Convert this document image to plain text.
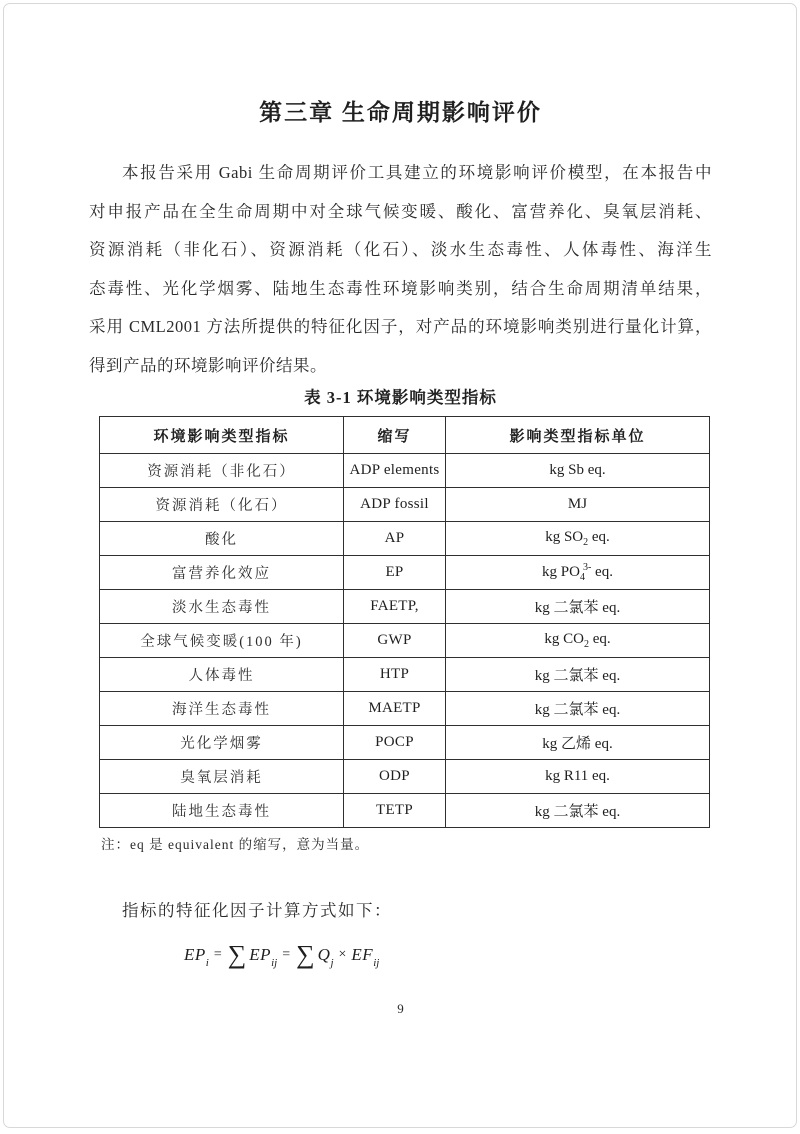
第三章 生命周期影响评价
本报告采用 Gabi 生命周期评价工具建立的环境影响评价模型，在本报告中
对申报产品在全生命周期中对全球气候变暖、酸化、富营养化、臭氧层消耗、
资源消耗（非化石）、资源消耗（化石）、淡水生态毒性、人体毒性、海洋生
态毒性、光化学烟雾、陆地生态毒性环境影响类别，结合生命周期清单结果，
采用 CML2001 方法所提供的特征化因子，对产品的环境影响类别进行量化计算，
得到产品的环境影响评价结果。
表 3-1 环境影响类型指标
环境影响类型指标	缩写	影响类型指标单位
资源消耗（非化石）	ADP elements	kg Sb eq.
资源消耗（化石）	ADP fossil	MJ
酸化	AP	kg $SO_2$ eq.
富营养化效应	EP	kg $PO_4^{3-}$ eq.
淡水生态毒性	FAETP,	kg 二氯苯 eq.
全球气候变暖(100 年)	GWP	kg $CO_2$ eq.
人体毒性	HTP	kg 二氯苯 eq.
海洋生态毒性	MAETP	kg 二氯苯 eq.
光化学烟雾	POCP	kg 乙烯 eq.
臭氧层消耗	ODP	kg R11 eq.
陆地生态毒性	TETP	kg 二氯苯 eq.
注：eq 是 equivalent 的缩写，意为当量。
指标的特征化因子计算方式如下：
EP i
= ∑ EP ij
= ∑ Q j
× EF ij
9
